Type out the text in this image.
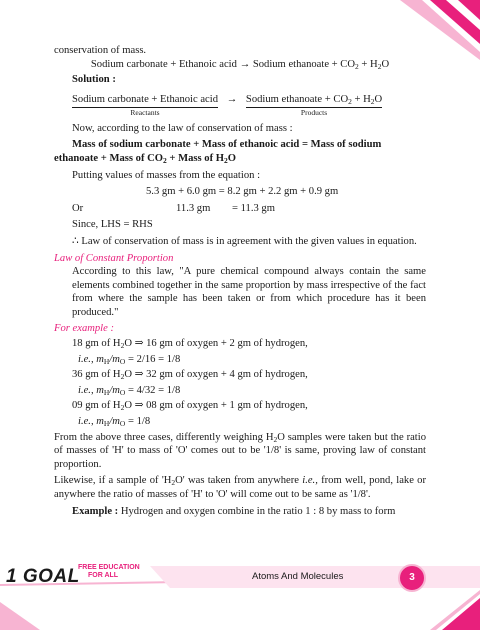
conservation of mass.
Sodium carbonate + Ethanoic acid → Sodium ethanoate + $CO_2 + H_2O$
Solution :
Sodium carbonate + Ethanoic acid
Reactants
→ Sodium ethanoate + $CO_2 + H_2O$
Products
Now, according to the law of conservation of mass :
Mass of sodium carbonate + Mass of ethanoic acid = Mass of sodium
ethanoate + Mass of $CO_2$ + Mass of $H_2O$
Putting values of masses from the equation :
5.3 gm + 6.0 gm = 8.2 gm + 2.2 gm + 0.9 gm
Or	11.3 gm = 11.3 gm
Since, LHS = RHS
∴ Law of conservation of mass is in agreement with the given values in equation.
Law of Constant Proportion
According to this law, "A pure chemical compound always contain the same elements combined together in the same proportion by mass irrespective of the fact from where the sample has been taken or from which procedure has it been produced."
For example :
18 gm of $H_2O$ ⇒ 16 gm of oxygen + 2 gm of hydrogen,
i.e., $m_H/m_O = 2/16 = 1/8$
36 gm of $H_2O$ ⇒ 32 gm of oxygen + 4 gm of hydrogen,
i.e., $m_H/m_O = 4/32 = 1/8$
09 gm of $H_2O$ ⇒ 08 gm of oxygen + 1 gm of hydrogen,
i.e., $m_H/m_O = 1/8$
From the above three cases, differently weighing $H_2O$ samples were taken but the ratio of masses of 'H' to mass of 'O' comes out to be '1/8' is same, proving law of constant proportion.
Likewise, if a sample of '$H_2O$' was taken from anywhere i.e., from well, pond, lake or anywhere the ratio of masses of 'H' to 'O' will come out to be same as '1/8'.
Example : Hydrogen and oxygen combine in the ratio 1 : 8 by mass to form
1 GOAL
FREE EDUCATION
FOR ALL	Atoms And Molecules	3
